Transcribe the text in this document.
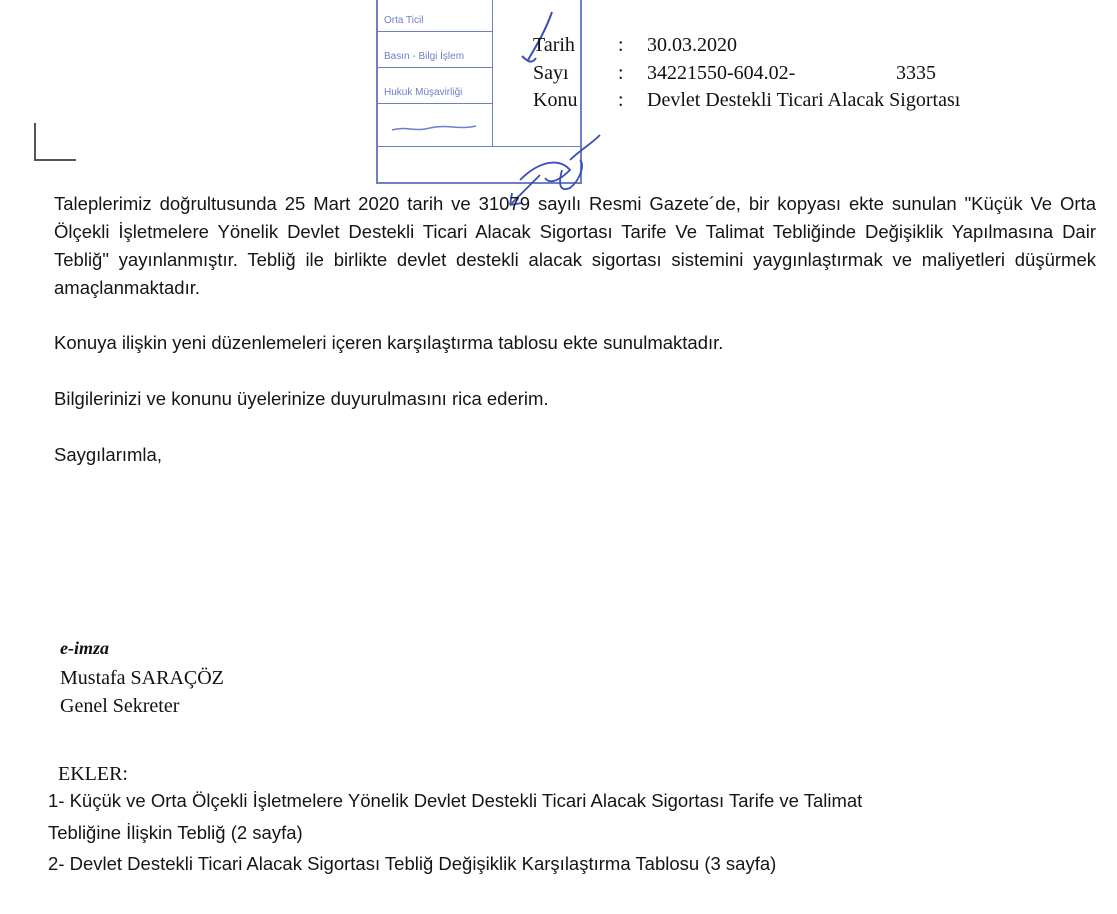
Orta Ticil
Basın - Bilgi İşlem
Hukuk Müşavirliği
Tarih : 30.03.2020
Sayı : 34221550-604.02-	3335
Konu : Devlet Destekli Ticari Alacak Sigortası
Taleplerimiz doğrultusunda 25 Mart 2020 tarih ve 31079 sayılı Resmi Gazete´de, bir kopyası ekte sunulan "Küçük Ve Orta Ölçekli İşletmelere Yönelik Devlet Destekli Ticari Alacak Sigortası Tarife Ve Talimat Tebliğinde Değişiklik Yapılmasına Dair Tebliğ" yayınlanmıştır. Tebliğ ile birlikte devlet destekli alacak sigortası sistemini yaygınlaştırmak ve maliyetleri düşürmek amaçlanmaktadır.
Konuya ilişkin yeni düzenlemeleri içeren karşılaştırma tablosu ekte sunulmaktadır.
Bilgilerinizi ve konunu üyelerinize duyurulmasını rica ederim.
Saygılarımla,
e-imza
Mustafa SARAÇÖZ
Genel Sekreter
EKLER:
1- Küçük ve Orta Ölçekli İşletmelere Yönelik Devlet Destekli Ticari Alacak Sigortası Tarife ve Talimat
Tebliğine İlişkin Tebliğ (2 sayfa)
2- Devlet Destekli Ticari Alacak Sigortası Tebliğ Değişiklik Karşılaştırma Tablosu (3 sayfa)
